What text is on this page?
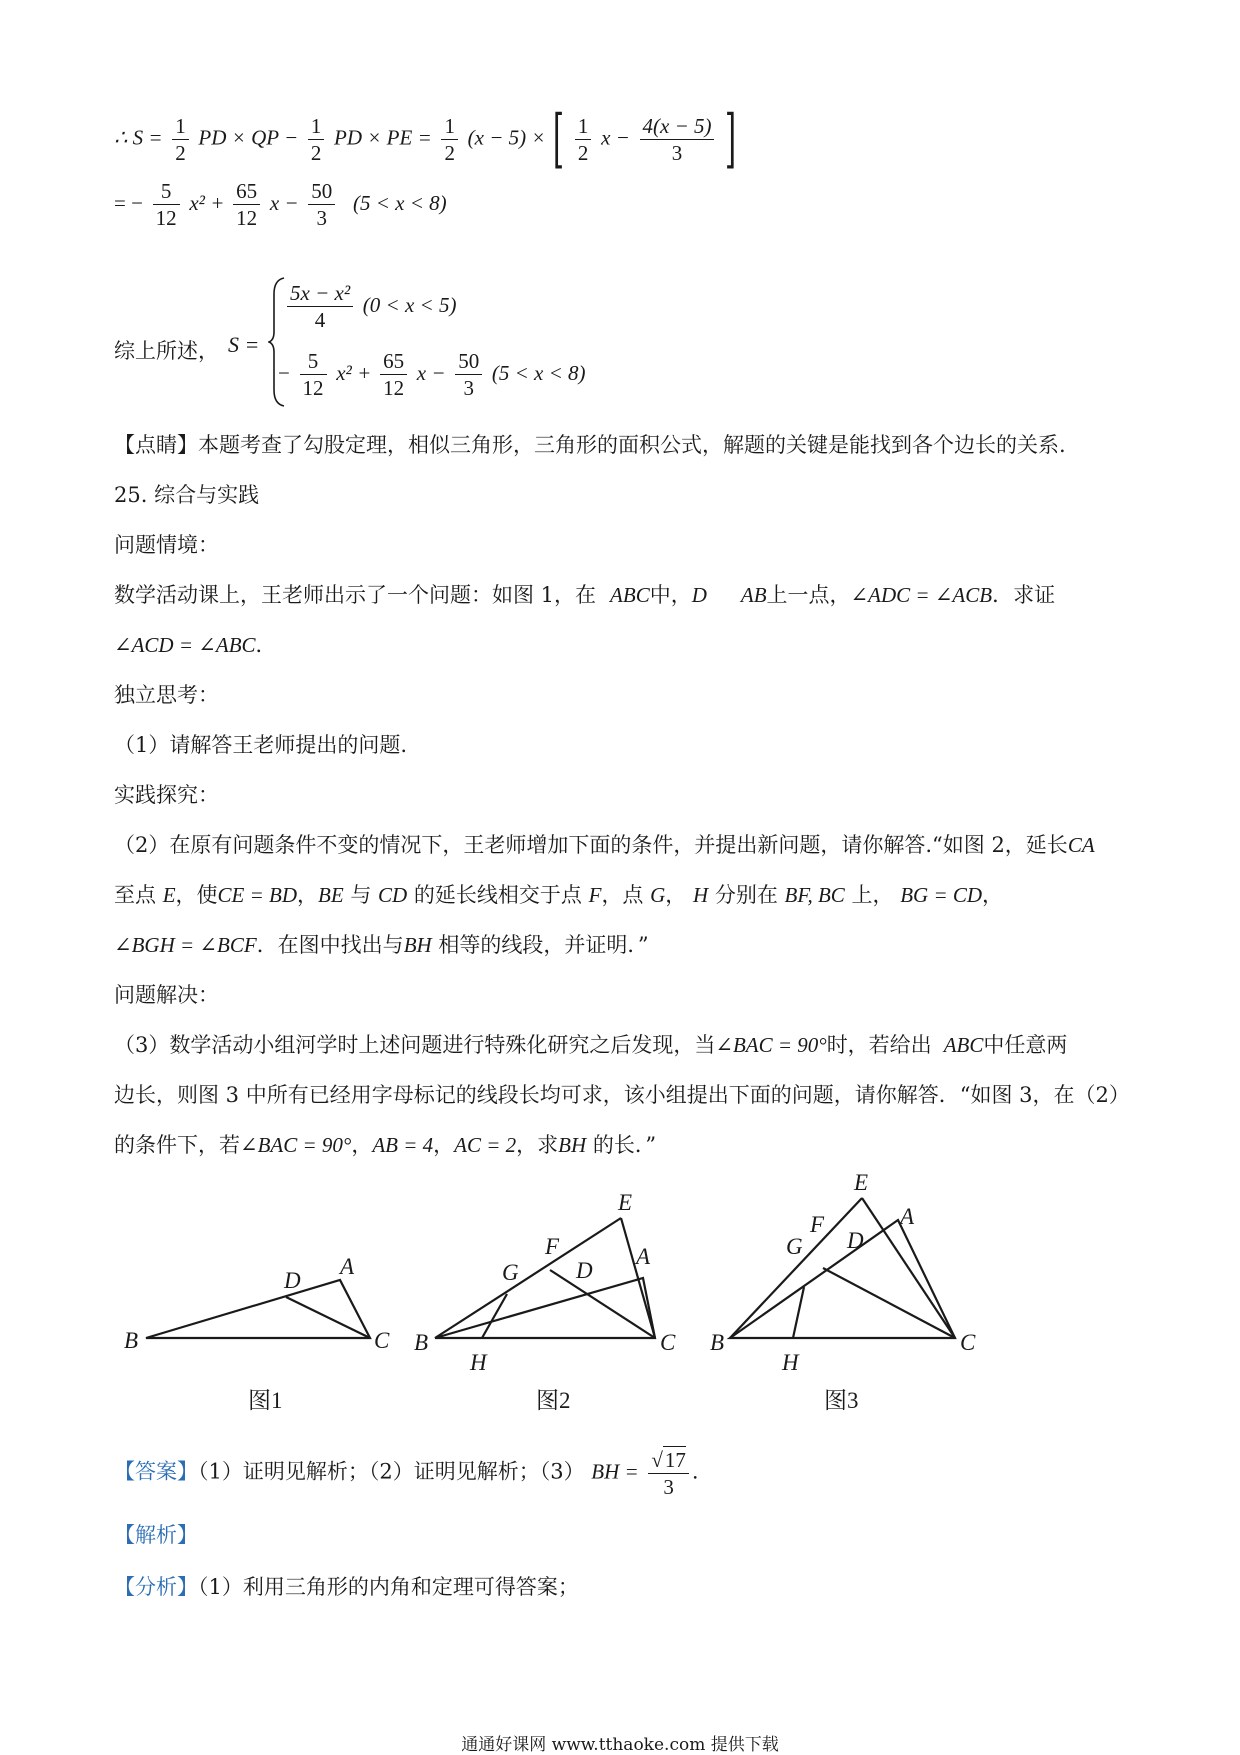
∴ $S = \frac{1}{2}$ PD × QP − $\frac{1}{2}$ PD × PE = $\frac{1}{2} (x - 5)$ × [ $\frac{1}{2}$ $x - \frac{4(x - 5)}{3}$ ]
= − $\frac{5}{12} x^2 + \frac{65}{12}$ $x - \frac{50}{3} (5 < x < 8)$
综上所述， S =
$\frac{\text{5x − x²}}{4} (0 < x < 5)$
− $\frac{5}{12} x^2 + \frac{65}{12}$ $x - \frac{50}{3} (5 < x < 8)$
【点睛】本题考查了勾股定理，相似三角形，三角形的面积公式，解题的关键是能找到各个边长的关系.
25. 综合与实践
问题情境：
数学活动课上，王老师出示了一个问题：如图 1，在 ABC中，D AB上一点，∠ADC = ∠ACB．求证
∠ACD = ∠ABC．
独立思考：
（1）请解答王老师提出的问题.
实践探究：
（2）在原有问题条件不变的情况下，王老师增加下面的条件，并提出新问题，请你解答.“如图 2，延长CA
至点 E，使CE = BD，BE 与 CD 的延长线相交于点 F，点 G， H 分别在 BF, BC 上， BG = CD，
∠BGH = ∠BCF．在图中找出与BH 相等的线段，并证明．”
问题解决：
（3）数学活动小组河学时上述问题进行特殊化研究之后发现，当∠BAC = 90°时，若给出 ABC中任意两
边长，则图 3 中所有已经用字母标记的线段长均可求，该小组提出下面的问题，请你解答．“如图 3，在（2）
的条件下，若∠BAC = 90°，AB = 4，AC = 2，求BH 的长．”
B	C
A
D
B	C
A
E
F
D
G
H
B	C
A
E
F
D
G
H
图1	图2	图3
【答案】（1）证明见解析；（2）证明见解析；（3） BH = $\frac{√17}{3}$ .
【解析】
【分析】（1）利用三角形的内角和定理可得答案；
通通好课网 www.tthaoke.com 提供下载
